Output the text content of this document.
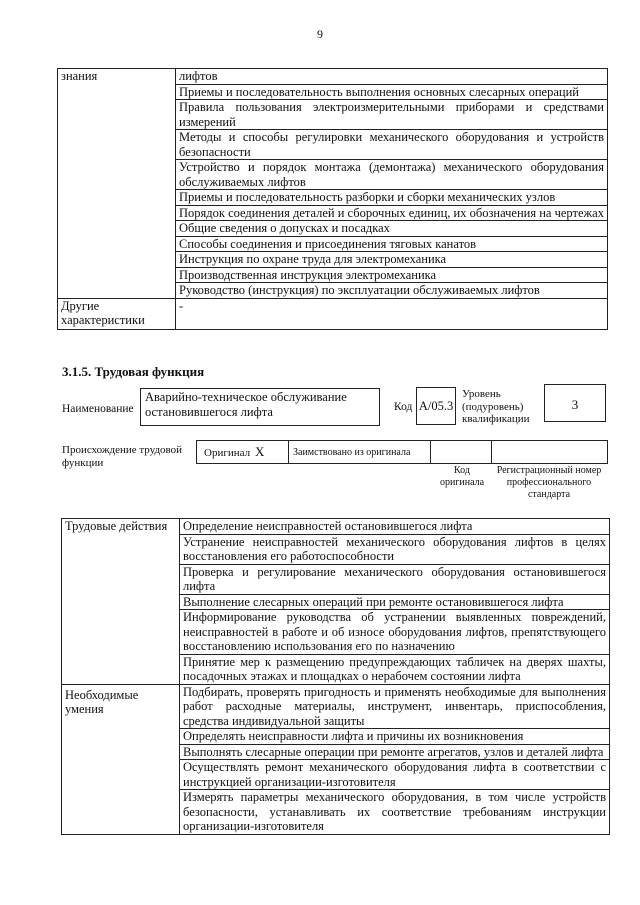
9
знания	лифтов
	Приемы и последовательность выполнения основных слесарных операций
	Правила пользования электроизмерительными приборами и средствами измерений
	Методы и способы регулировки механического оборудования и устройств безопасности
	Устройство и порядок монтажа (демонтажа) механического оборудования обслуживаемых лифтов
	Приемы и последовательность разборки и сборки механических узлов
	Порядок соединения деталей и сборочных единиц, их обозначения на чертежах
	Общие сведения о допусках и посадках
	Способы соединения и присоединения тяговых канатов
	Инструкция по охране труда для электромеханика
	Производственная инструкция электромеханика
	Руководство (инструкция) по эксплуатации обслуживаемых лифтов
Другие характеристики	-
3.1.5. Трудовая функция
Наименование
Аварийно-техническое обслуживание остановившегося лифта	Код A/05.3
Уровень (подуровень) квалификации
3
Происхождение трудовой функции
Оригинал X	Заимствовано из оригинала
Код оригинала
Регистрационный номер профессионального стандарта
Трудовые действия	Определение неисправностей остановившегося лифта
	Устранение неисправностей механического оборудования лифтов в целях восстановления его работоспособности
	Проверка и регулирование механического оборудования остановившегося лифта
	Выполнение слесарных операций при ремонте остановившегося лифта
	Информирование руководства об устранении выявленных повреждений, неисправностей в работе и об износе оборудования лифтов, препятствующего восстановлению использования его по назначению
	Принятие мер к размещению предупреждающих табличек на дверях шахты, посадочных этажах и площадках о нерабочем состоянии лифта
Необходимые умения	Подбирать, проверять пригодность и применять необходимые для выполнения работ расходные материалы, инструмент, инвентарь, приспособления, средства индивидуальной защиты
	Определять неисправности лифта и причины их возникновения
	Выполнять слесарные операции при ремонте агрегатов, узлов и деталей лифта
	Осуществлять ремонт механического оборудования лифта в соответствии с инструкцией организации-изготовителя
	Измерять параметры механического оборудования, в том числе устройств безопасности, устанавливать их соответствие требованиям инструкции организации-изготовителя
